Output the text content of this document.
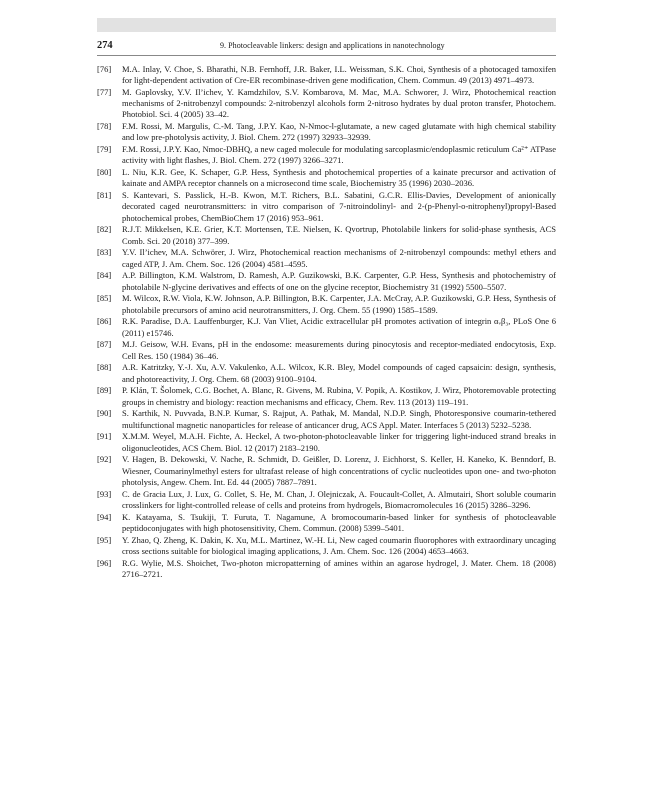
274	9. Photocleavable linkers: design and applications in nanotechnology
[76] M.A. Inlay, V. Choe, S. Bharathi, N.B. Fernhoff, J.R. Baker, I.L. Weissman, S.K. Choi, Synthesis of a photocaged tamoxifen for light-dependent activation of Cre-ER recombinase-driven gene modification, Chem. Commun. 49 (2013) 4971–4973.
[77] M. Gaplovsky, Y.V. Il’ichev, Y. Kamdzhilov, S.V. Kombarova, M. Mac, M.A. Schworer, J. Wirz, Photochemical reaction mechanisms of 2-nitrobenzyl compounds: 2-nitrobenzyl alcohols form 2-nitroso hydrates by dual proton transfer, Photochem. Photobiol. Sci. 4 (2005) 33–42.
[78] F.M. Rossi, M. Margulis, C.-M. Tang, J.P.Y. Kao, N-Nmoc-l-glutamate, a new caged glutamate with high chemical stability and low pre-photolysis activity, J. Biol. Chem. 272 (1997) 32933–32939.
[79] F.M. Rossi, J.P.Y. Kao, Nmoc-DBHQ, a new caged molecule for modulating sarcoplasmic/endoplasmic reticulum Ca²⁺ ATPase activity with light flashes, J. Biol. Chem. 272 (1997) 3266–3271.
[80] L. Niu, K.R. Gee, K. Schaper, G.P. Hess, Synthesis and photochemical properties of a kainate precursor and activation of kainate and AMPA receptor channels on a microsecond time scale, Biochemistry 35 (1996) 2030–2036.
[81] S. Kantevari, S. Passlick, H.-B. Kwon, M.T. Richers, B.L. Sabatini, G.C.R. Ellis-Davies, Development of anionically decorated caged neurotransmitters: in vitro comparison of 7-nitroindolinyl- and 2-(p-Phenyl-o-nitrophenyl)propyl-Based photochemical probes, ChemBioChem 17 (2016) 953–961.
[82] R.J.T. Mikkelsen, K.E. Grier, K.T. Mortensen, T.E. Nielsen, K. Qvortrup, Photolabile linkers for solid-phase synthesis, ACS Comb. Sci. 20 (2018) 377–399.
[83] Y.V. Il’ichev, M.A. Schwörer, J. Wirz, Photochemical reaction mechanisms of 2-nitrobenzyl compounds: methyl ethers and caged ATP, J. Am. Chem. Soc. 126 (2004) 4581–4595.
[84] A.P. Billington, K.M. Walstrom, D. Ramesh, A.P. Guzikowski, B.K. Carpenter, G.P. Hess, Synthesis and photochemistry of photolabile N-glycine derivatives and effects of one on the glycine receptor, Biochemistry 31 (1992) 5500–5507.
[85] M. Wilcox, R.W. Viola, K.W. Johnson, A.P. Billington, B.K. Carpenter, J.A. McCray, A.P. Guzikowski, G.P. Hess, Synthesis of photolabile precursors of amino acid neurotransmitters, J. Org. Chem. 55 (1990) 1585–1589.
[86] R.K. Paradise, D.A. Lauffenburger, K.J. Van Vliet, Acidic extracellular pH promotes activation of integrin αᵥβ₃, PLoS One 6 (2011) e15746.
[87] M.J. Geisow, W.H. Evans, pH in the endosome: measurements during pinocytosis and receptor-mediated endocytosis, Exp. Cell Res. 150 (1984) 36–46.
[88] A.R. Katritzky, Y.-J. Xu, A.V. Vakulenko, A.L. Wilcox, K.R. Bley, Model compounds of caged capsaicin: design, synthesis, and photoreactivity, J. Org. Chem. 68 (2003) 9100–9104.
[89] P. Klán, T. Šolomek, C.G. Bochet, A. Blanc, R. Givens, M. Rubina, V. Popik, A. Kostikov, J. Wirz, Photoremovable protecting groups in chemistry and biology: reaction mechanisms and efficacy, Chem. Rev. 113 (2013) 119–191.
[90] S. Karthik, N. Puvvada, B.N.P. Kumar, S. Rajput, A. Pathak, M. Mandal, N.D.P. Singh, Photoresponsive coumarin-tethered multifunctional magnetic nanoparticles for release of anticancer drug, ACS Appl. Mater. Interfaces 5 (2013) 5232–5238.
[91] X.M.M. Weyel, M.A.H. Fichte, A. Heckel, A two-photon-photocleavable linker for triggering light-induced strand breaks in oligonucleotides, ACS Chem. Biol. 12 (2017) 2183–2190.
[92] V. Hagen, B. Dekowski, V. Nache, R. Schmidt, D. Geißler, D. Lorenz, J. Eichhorst, S. Keller, H. Kaneko, K. Benndorf, B. Wiesner, Coumarinylmethyl esters for ultrafast release of high concentrations of cyclic nucleotides upon one- and two-photon photolysis, Angew. Chem. Int. Ed. 44 (2005) 7887–7891.
[93] C. de Gracia Lux, J. Lux, G. Collet, S. He, M. Chan, J. Olejniczak, A. Foucault-Collet, A. Almutairi, Short soluble coumarin crosslinkers for light-controlled release of cells and proteins from hydrogels, Biomacromolecules 16 (2015) 3286–3296.
[94] K. Katayama, S. Tsukiji, T. Furuta, T. Nagamune, A bromocoumarin-based linker for synthesis of photocleavable peptidoconjugates with high photosensitivity, Chem. Commun. (2008) 5399–5401.
[95] Y. Zhao, Q. Zheng, K. Dakin, K. Xu, M.L. Martinez, W.-H. Li, New caged coumarin fluorophores with extraordinary uncaging cross sections suitable for biological imaging applications, J. Am. Chem. Soc. 126 (2004) 4653–4663.
[96] R.G. Wylie, M.S. Shoichet, Two-photon micropatterning of amines within an agarose hydrogel, J. Mater. Chem. 18 (2008) 2716–2721.
